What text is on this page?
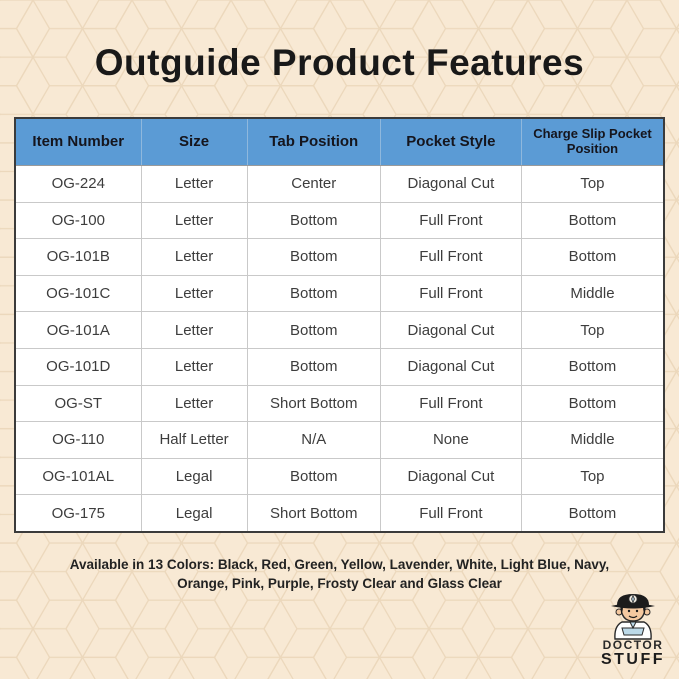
Outguide Product Features
Item Number	Size	Tab Position	Pocket Style	Charge Slip Pocket Position
OG-224	Letter	Center	Diagonal Cut	Top
OG-100	Letter	Bottom	Full Front	Bottom
OG-101B	Letter	Bottom	Full Front	Bottom
OG-101C	Letter	Bottom	Full Front	Middle
OG-101A	Letter	Bottom	Diagonal Cut	Top
OG-101D	Letter	Bottom	Diagonal Cut	Bottom
OG-ST	Letter	Short Bottom	Full Front	Bottom
OG-110	Half Letter	N/A	None	Middle
OG-101AL	Legal	Bottom	Diagonal Cut	Top
OG-175	Legal	Short Bottom	Full Front	Bottom
Available in 13 Colors: Black, Red, Green, Yellow, Lavender, White, Light Blue, Navy,
Orange, Pink, Purple, Frosty Clear and Glass Clear
DOCTOR
STUFF
